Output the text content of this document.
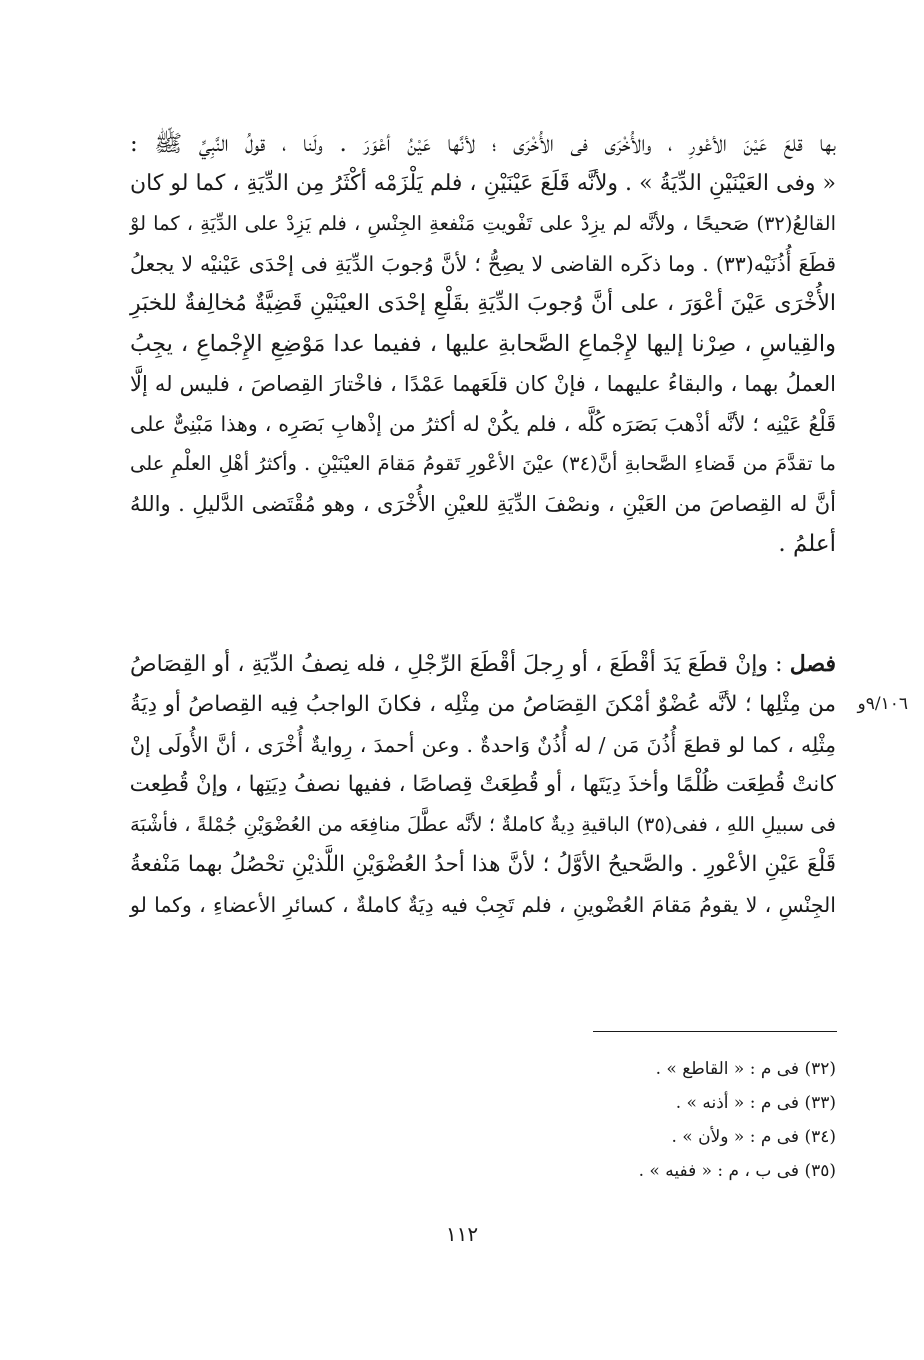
بها قلعَ عَيْنَ الأعْورِ ، والأُخْرَى فى الأُخْرَى ؛ لأنَّها عَيْنُ أعْوَرَ . ولَنا ، قولُ النَّبِيِّ ﷺ :
« وفى العَيْنَيْنِ الدِّيَةُ » . ولأنَّه قَلَعَ عَيْنَيْنِ ، فلم يَلْزَمْه أكْثَرُ مِن الدِّيَةِ ، كما لو كان
القالعُ(٣٢) صَحيحًا ، ولأنَّه لم يزِدْ على تَفْويتِ مَنْفعةِ الجِنْسِ ، فلم يَزِدْ على الدِّيَةِ ، كما لوْ
قطَعَ أُذُنَيْه(٣٣) . وما ذكَره القاضى لا يصِحُّ ؛ لأنَّ وُجوبَ الدِّيَةِ فى إحْدَى عَيْنيْه لا يجعلُ
الأُخْرَى عَيْنَ أعْوَرَ ، على أنَّ وُجوبَ الدِّيَةِ بقَلْعِ إحْدَى العيْنَيْنِ قَضِيَّةٌ مُخالِفةٌ للخبَرِ
والقِياسِ ، صِرْنا إليها لإِجْماعِ الصَّحابةِ عليها ، ففيما عدا مَوْضِعِ الإِجْماعِ ، يجِبُ
العملُ بهما ، والبقاءُ عليهما ، فإنْ كان قلَعَهما عَمْدًا ، فاخْتارَ القِصاصَ ، فليس له إلَّا
قَلْعُ عَيْنِه ؛ لأنَّه أذْهبَ بَصَرَه كُلَّه ، فلم يكُنْ له أكثرُ من إذْهابِ بَصَرِه ، وهذا مَبْنِىٌّ على
ما تقدَّمَ من قَضاءِ الصَّحابةِ أنَّ(٣٤) عيْنَ الأعْورِ تَقومُ مَقامَ العيْنَيْنِ . وأكثرُ أهْلِ العلْمِ على
أنَّ له القِصاصَ من العَيْنِ ، ونصْفَ الدِّيَةِ للعيْنِ الأُخْرَى ، وهو مُقْتَضى الدَّليلِ . واللهُ
أعلمُ .
فصل : وإنْ قطَعَ يَدَ أقْطَعَ ، أو رِجلَ أقْطَعَ الرِّجْلِ ، فله نِصفُ الدِّيَةِ ، أو القِصَاصُ
من مِثْلِها ؛ لأنَّه عُضْوٌ أمْكنَ القِصَاصُ من مِثْلِه ، فكانَ الواجبُ فِيه القِصاصُ أو دِيَةُ
مِثْلِه ، كما لو قطعَ أُذُنَ مَن / له أُذُنٌ وَاحدةٌ . وعن أحمدَ ، رِوايةٌ أُخْرَى ، أنَّ الأُولَى إنْ
كانتْ قُطِعَت ظُلْمًا وأخذَ دِيَتَها ، أو قُطِعَتْ قِصاصًا ، ففيها نصفُ دِيَتِها ، وإنْ قُطِعت
فى سبيلِ اللهِ ، ففى(٣٥) الباقيةِ دِيةٌ كاملةٌ ؛ لأنَّه عطَّلَ منافِعَه من العُضْوَيْنِ جُمْلةً ، فأشْبَهَ
قَلْعَ عَيْنِ الأعْورِ . والصَّحيحُ الأوَّلُ ؛ لأنَّ هذا أحدُ العُضْوَيْنِ اللَّذيْنِ تحْصُلُ بهما مَنْفعةُ
الجِنْسِ ، لا يقومُ مَقامَ العُضْوينِ ، فلم تَجِبْ فيه دِيَةٌ كاملةٌ ، كسائرِ الأعضاءِ ، وكما لو
٩/١٠٦و
(٣٢) فى م : « القاطع » .
(٣٣) فى م : « أذنه » .
(٣٤) فى م : « ولأن » .
(٣٥) فى ب ، م : « ففيه » .
١١٢
